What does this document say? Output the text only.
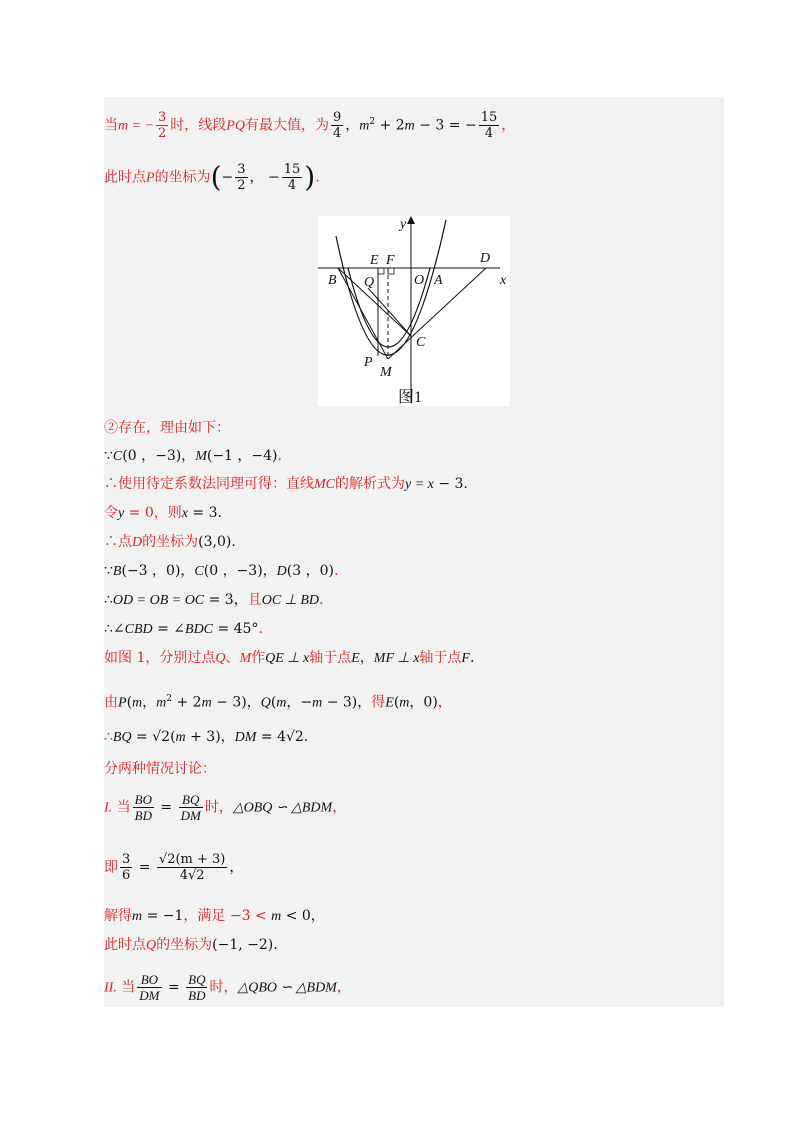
当m = − $\frac{3}{2}$ 时，线段PQ有最大值，为 $\frac{9}{4}$ ，$m^2 + 2m - 3$ = − $\frac{15}{4}$ ，
此时点P的坐标为(− $\frac{3}{2}$ ， − $\frac{15}{4}$ ).
y
x
B
E F
O A
D
Q
C
P
M
图1
②存在，理由如下：
∵C(0 ，−3)，M(−1 ，−4).
∴使用待定系数法同理可得：直线MC的解析式为y = x − 3.
令y = 0，则x = 3.
∴点D的坐标为(3,0).
∵B(−3 ，0)，C(0 ，−3)，D(3 ，0).
∴OD = OB = OC = 3，且OC ⊥ BD.
∴∠CBD = ∠BDC = 45°.
如图 1，分别过点Q、M作QE ⊥ x轴于点E，MF ⊥ x轴于点F.
由P(m，$m^2 + 2m - 3$)，Q(m，−m − 3)，得E(m，0)，
∴BQ = √2(m + 3)，DM = 4√2.
分两种情况讨论：
I. 当 $\frac{BO}{BD} = \frac{BQ}{DM}$ 时，△OBQ ∽ △BDM，
即 $\frac{3}{6} = \frac{√2(m + 3)}{4√2}$ ，
解得m = −1，满足 −3 < m < 0，
此时点Q的坐标为(−1, −2).
II. 当 $\frac{BO}{DM} = \frac{BQ}{BD}$ 时，△QBO ∽ △BDM，
